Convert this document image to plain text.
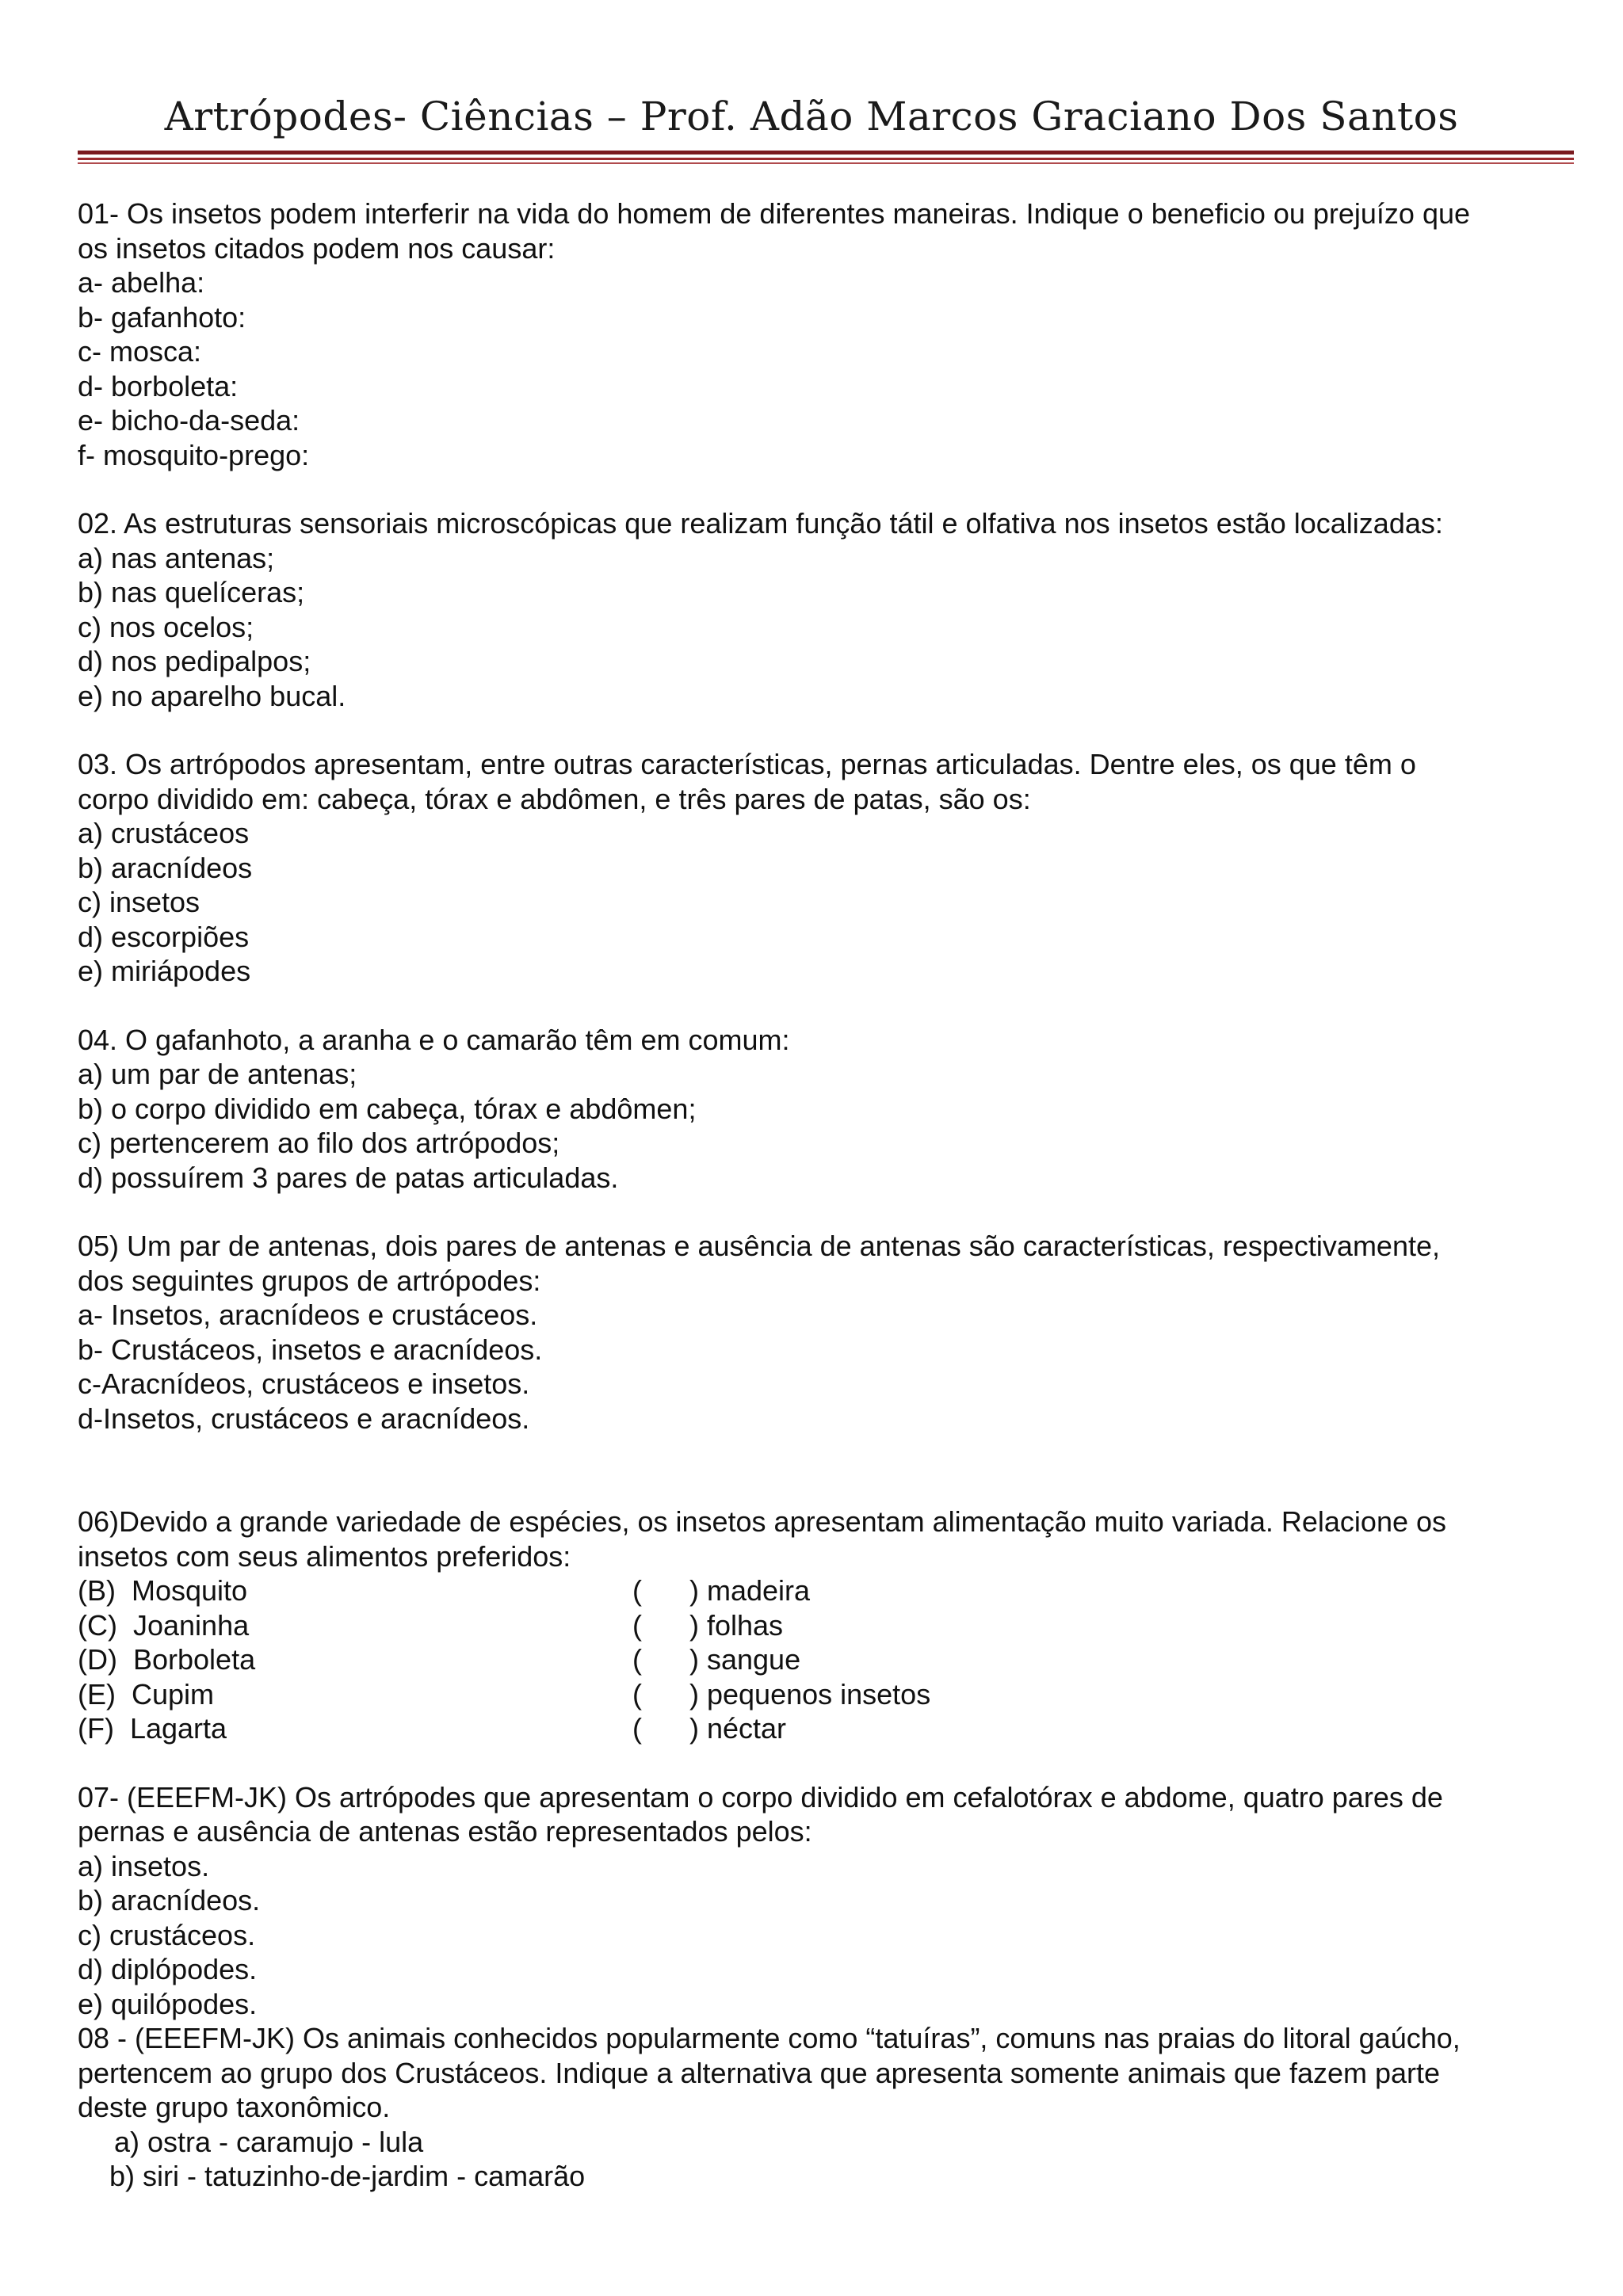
Artrópodes- Ciências – Prof. Adão Marcos Graciano Dos Santos
01- Os insetos podem interferir na vida do homem de diferentes maneiras. Indique o beneficio ou prejuízo que
os insetos citados podem nos causar:
a- abelha:
b- gafanhoto:
c- mosca:
d- borboleta:
e- bicho-da-seda:
f- mosquito-prego:
02. As estruturas sensoriais microscópicas que realizam função tátil e olfativa nos insetos estão localizadas:
a) nas antenas;
b) nas quelíceras;
c) nos ocelos;
d) nos pedipalpos;
e) no aparelho bucal.
03. Os artrópodos apresentam, entre outras características, pernas articuladas. Dentre eles, os que têm o
corpo dividido em: cabeça, tórax e abdômen, e três pares de patas, são os:
a) crustáceos
b) aracnídeos
c) insetos
d) escorpiões
e) miriápodes
04. O gafanhoto, a aranha e o camarão têm em comum:
a) um par de antenas;
b) o corpo dividido em cabeça, tórax e abdômen;
c) pertencerem ao filo dos artrópodos;
d) possuírem 3 pares de patas articuladas.
05) Um par de antenas, dois pares de antenas e ausência de antenas são características, respectivamente,
dos seguintes grupos de artrópodes:
a- Insetos, aracnídeos e crustáceos.
b- Crustáceos, insetos e aracnídeos.
c-Aracnídeos, crustáceos e insetos.
d-Insetos, crustáceos e aracnídeos.
06)Devido a grande variedade de espécies, os insetos apresentam alimentação muito variada. Relacione os
insetos com seus alimentos preferidos:
(B)  Mosquito	(      ) madeira
(C)  Joaninha	(      ) folhas
(D)  Borboleta	(      ) sangue
(E)  Cupim	(      ) pequenos insetos
(F)  Lagarta	(      ) néctar
07- (EEEFM-JK) Os artrópodes que apresentam o corpo dividido em cefalotórax e abdome, quatro pares de
pernas e ausência de antenas estão representados pelos:
a) insetos.
b) aracnídeos.
c) crustáceos.
d) diplópodes.
e) quilópodes.
08 - (EEEFM-JK) Os animais conhecidos popularmente como “tatuíras”, comuns nas praias do litoral gaúcho,
pertencem ao grupo dos Crustáceos. Indique a alternativa que apresenta somente animais que fazem parte
deste grupo taxonômico.
a) ostra - caramujo - lula
b) siri - tatuzinho-de-jardim - camarão
